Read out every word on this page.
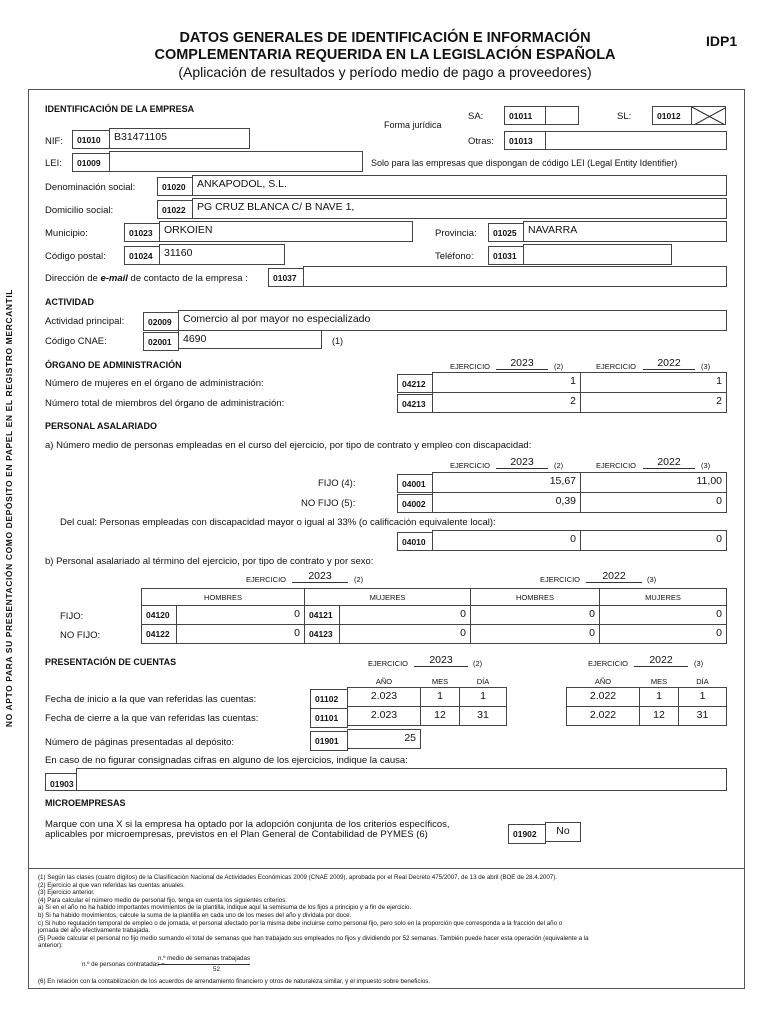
NO APTO PARA SU PRESENTACIÓN COMO DEPÓSITO EN PAPEL EN EL REGISTRO MERCANTIL
DATOS GENERALES DE IDENTIFICACIÓN E INFORMACIÓN
COMPLEMENTARIA REQUERIDA EN LA LEGISLACIÓN ESPAÑOLA
(Aplicación de resultados y período medio de pago a proveedores)
IDP1
IDENTIFICACIÓN DE LA EMPRESA
Forma jurídica
SA:	01011	SL:	01012
Otras:	01013
NIF:	01010	B31471105
LEI:	01009	Solo para las empresas que dispongan de código LEI (Legal Entity Identifier)
Denominación social:	01020	ANKAPODOL, S.L.
Domicilio social:	01022	PG CRUZ BLANCA C/ B NAVE 1,
Municipio:	01023	ORKOIEN	Provincia:	01025	NAVARRA
Código postal:	01024	31160	Teléfono:	01031
Dirección de e-mail de contacto de la empresa :	01037
ACTIVIDAD
Actividad principal:	02009	Comercio al por mayor no especializado
Código CNAE:	02001	4690	(1)
ÓRGANO DE ADMINISTRACIÓN	EJERCICIO	2023	(2)	EJERCICIO	2022	(3)
Número de mujeres en el órgano de administración:	04212	1	1
Número total de miembros del órgano de administración:	04213	2	2
PERSONAL ASALARIADO
a) Número medio de personas empleadas en el curso del ejercicio, por tipo de contrato y empleo con discapacidad:
EJERCICIO	2023	(2)	EJERCICIO	2022	(3)
FIJO (4):	04001	15,67	11,00
NO FIJO (5):	04002	0,39	0
Del cual: Personas empleadas con discapacidad mayor o igual al 33% (o calificación equivalente local):
04010	0	0
b) Personal asalariado al término del ejercicio, por tipo de contrato y por sexo:
EJERCICIO	2023	(2)	EJERCICIO	2022	(3)
HOMBRES	MUJERES	HOMBRES	MUJERES
FIJO:	04120	0	04121	0	0	0
NO FIJO:	04122	0	04123	0	0	0
PRESENTACIÓN DE CUENTAS	EJERCICIO	2023	(2)	EJERCICIO	2022	(3)
AÑO	MES	DÍA	AÑO	MES	DÍA
Fecha de inicio a la que van referidas las cuentas:	01102	2.023	1	1	2.022	1	1
Fecha de cierre a la que van referidas las cuentas:	01101	2.023	12	31	2.022	12	31
Número de páginas presentadas al depósito:	01901	25
En caso de no figurar consignadas cifras en alguno de los ejercicios, indique la causa:
01903
MICROEMPRESAS
Marque con una X si la empresa ha optado por la adopción conjunta de los criterios específicos,
aplicables por microempresas, previstos en el Plan General de Contabilidad de PYMES (6)	01902	No
(1) Según las clases (cuatro dígitos) de la Clasificación Nacional de Actividades Económicas 2009 (CNAE 2009), aprobada por el Real Decreto 475/2007, de 13 de abril (BOE de 28.4.2007).
(2) Ejercicio al que van referidas las cuentas anuales.
(3) Ejercicio anterior.
(4) Para calcular el número medio de personal fijo, tenga en cuenta los siguientes criterios:
a) Si en el año no ha habido importantes movimientos de la plantilla, indique aquí la semisuma de los fijos a principio y a fin de ejercicio.
b) Si ha habido movimientos, calcule la suma de la plantilla en cada uno de los meses del año y divídala por doce.
c) Si hubo regulación temporal de empleo o de jornada, el personal afectado por la misma debe incluirse como personal fijo, pero solo en la proporción que corresponda a la fracción del año o
jornada del año efectivamente trabajada.
(5) Puede calcular el personal no fijo medio sumando el total de semanas que han trabajado sus empleados no fijos y dividiendo por 52 semanas. También puede hacer esta operación (equivalente a la
anterior):
n.º de personas contratadas =
n.º medio de semanas trabajadas
52
(6) En relación con la contabilización de los acuerdos de arrendamiento financiero y otros de naturaleza similar, y el impuesto sobre beneficios.
